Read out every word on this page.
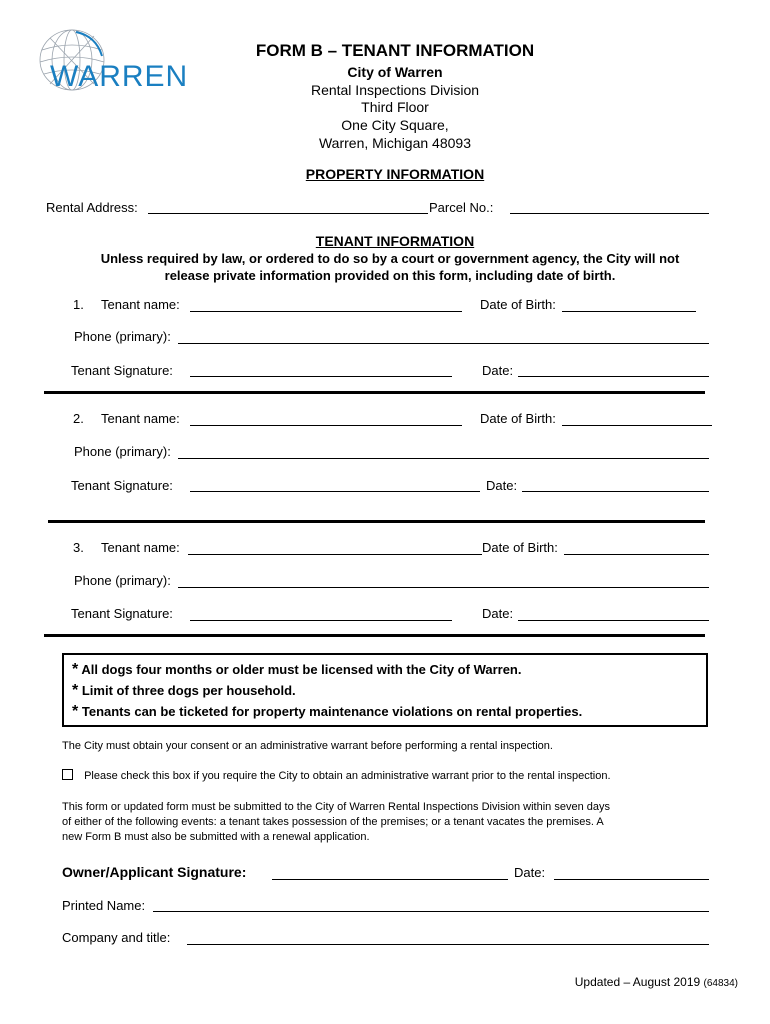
WARREN
FORM B – TENANT INFORMATION
City of Warren
Rental Inspections Division
Third Floor
One City Square,
Warren, Michigan 48093
PROPERTY INFORMATION
Rental Address:	Parcel No.:
TENANT INFORMATION
Unless required by law, or ordered to do so by a court or government agency, the City will not
release private information provided on this form, including date of birth.
1. Tenant name:	Date of Birth:
Phone (primary):
Tenant Signature:	Date:
2. Tenant name:	Date of Birth:
Phone (primary):
Tenant Signature:	Date:
3. Tenant name:	Date of Birth:
Phone (primary):
Tenant Signature:	Date:
* All dogs four months or older must be licensed with the City of Warren.
* Limit of three dogs per household.
* Tenants can be ticketed for property maintenance violations on rental properties.
The City must obtain your consent or an administrative warrant before performing a rental inspection.
Please check this box if you require the City to obtain an administrative warrant prior to the rental inspection.
This form or updated form must be submitted to the City of Warren Rental Inspections Division within seven days
of either of the following events: a tenant takes possession of the premises; or a tenant vacates the premises. A
new Form B must also be submitted with a renewal application.
Owner/Applicant Signature:	Date:
Printed Name:
Company and title:
Updated – August 2019 (64834)
